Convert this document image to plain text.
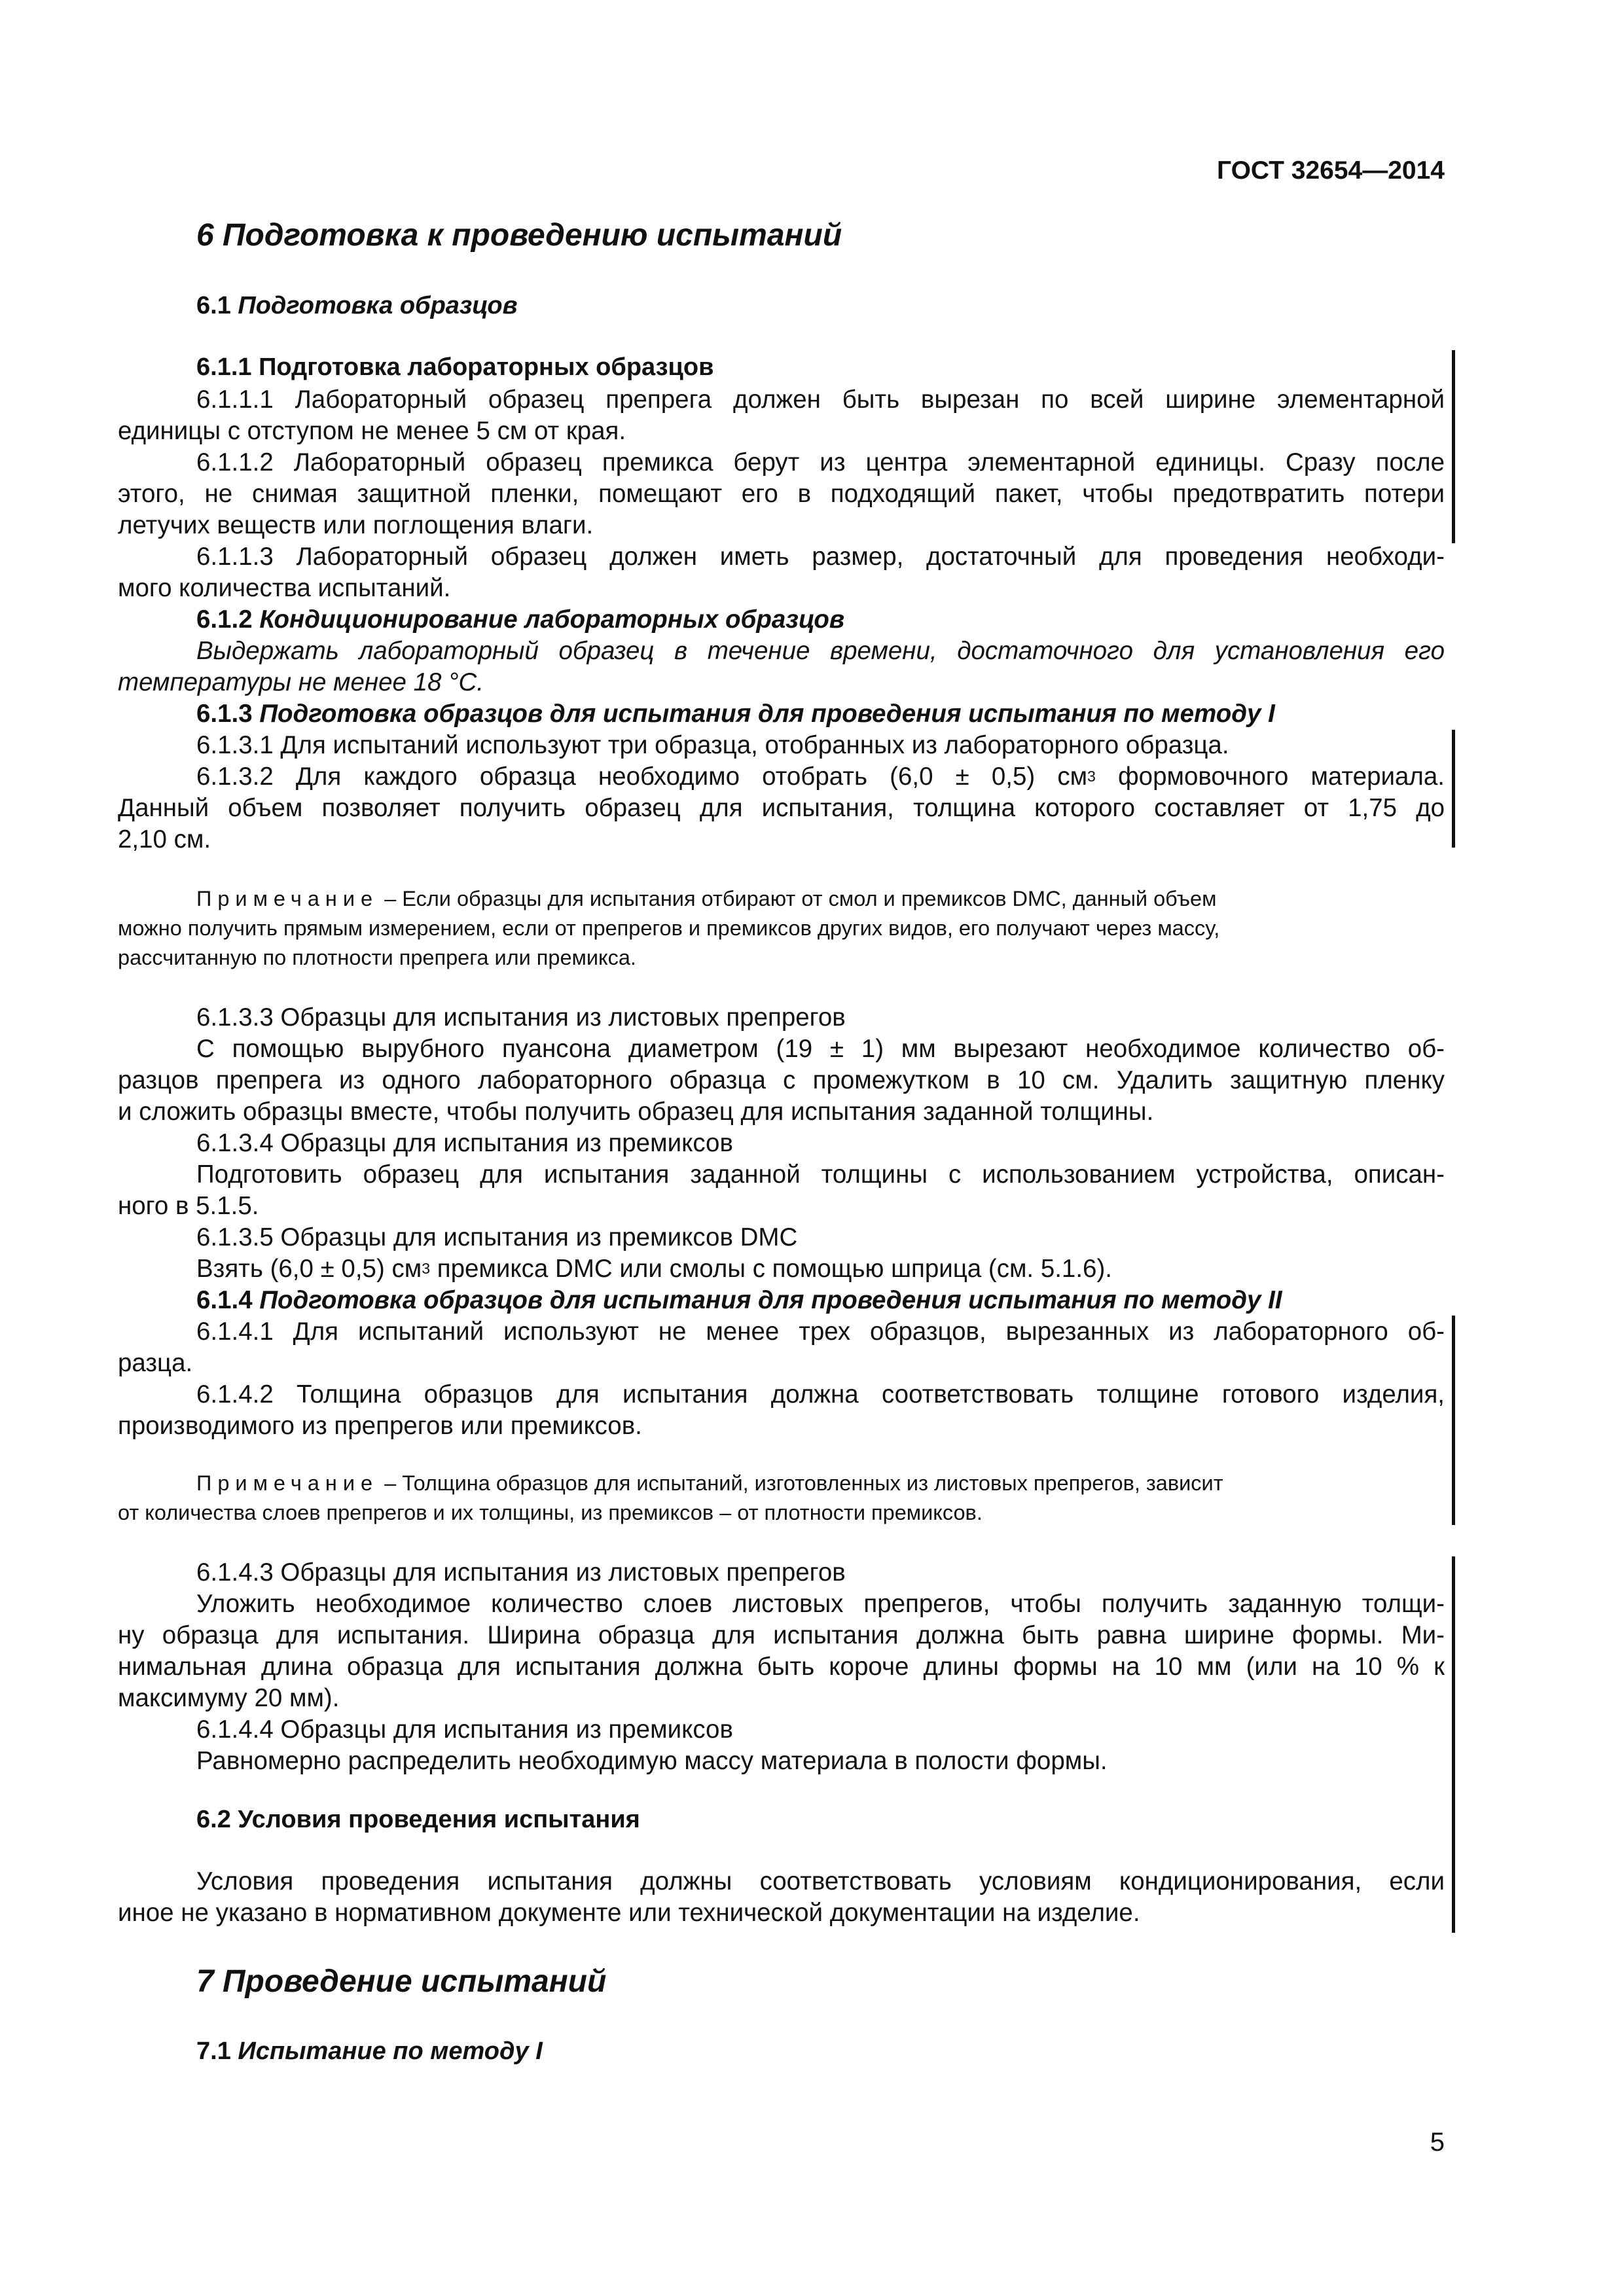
ГОСТ 32654—2014
6 Подготовка к проведению испытаний
6.1 Подготовка образцов
6.1.1 Подготовка лабораторных образцов
6.1.1.1 Лабораторный образец препрега должен быть вырезан по всей ширине элементарной
единицы с отступом не менее 5 см от края.
6.1.1.2 Лабораторный образец премикса берут из центра элементарной единицы. Сразу после
этого, не снимая защитной пленки, помещают его в подходящий пакет, чтобы предотвратить потери
летучих веществ или поглощения влаги.
6.1.1.3 Лабораторный образец должен иметь размер, достаточный для проведения необходи-
мого количества испытаний.
6.1.2 Кондиционирование лабораторных образцов
Выдержать лабораторный образец в течение времени, достаточного для установления его
температуры не менее 18 °С.
6.1.3 Подготовка образцов для испытания для проведения испытания по методу I
6.1.3.1 Для испытаний используют три образца, отобранных из лабораторного образца.
6.1.3.2 Для каждого образца необходимо отобрать (6,0 ± 0,5) $см^3$ формовочного материала.
Данный объем позволяет получить образец для испытания, толщина которого составляет от 1,75 до
2,10 см.
Примечание – Если образцы для испытания отбирают от смол и премиксов DMC, данный объем
можно получить прямым измерением, если от препрегов и премиксов других видов, его получают через массу,
рассчитанную по плотности препрега или премикса.
6.1.3.3 Образцы для испытания из листовых препрегов
С помощью вырубного пуансона диаметром (19 ± 1) мм вырезают необходимое количество об-
разцов препрега из одного лабораторного образца с промежутком в 10 см. Удалить защитную пленку
и сложить образцы вместе, чтобы получить образец для испытания заданной толщины.
6.1.3.4 Образцы для испытания из премиксов
Подготовить образец для испытания заданной толщины с использованием устройства, описан-
ного в 5.1.5.
6.1.3.5 Образцы для испытания из премиксов DMC
Взять (6,0 ± 0,5) $см^3$ премикса DMC или смолы с помощью шприца (см. 5.1.6).
6.1.4 Подготовка образцов для испытания для проведения испытания по методу II
6.1.4.1 Для испытаний используют не менее трех образцов, вырезанных из лабораторного об-
разца.
6.1.4.2 Толщина образцов для испытания должна соответствовать толщине готового изделия,
производимого из препрегов или премиксов.
Примечание – Толщина образцов для испытаний, изготовленных из листовых препрегов, зависит
от количества слоев препрегов и их толщины, из премиксов – от плотности премиксов.
6.1.4.3 Образцы для испытания из листовых препрегов
Уложить необходимое количество слоев листовых препрегов, чтобы получить заданную толщи-
ну образца для испытания. Ширина образца для испытания должна быть равна ширине формы. Ми-
нимальная длина образца для испытания должна быть короче длины формы на 10 мм (или на 10 % к
максимуму 20 мм).
6.1.4.4 Образцы для испытания из премиксов
Равномерно распределить необходимую массу материала в полости формы.
6.2 Условия проведения испытания
Условия проведения испытания должны соответствовать условиям кондиционирования, если
иное не указано в нормативном документе или технической документации на изделие.
7 Проведение испытаний
7.1 Испытание по методу I
5
